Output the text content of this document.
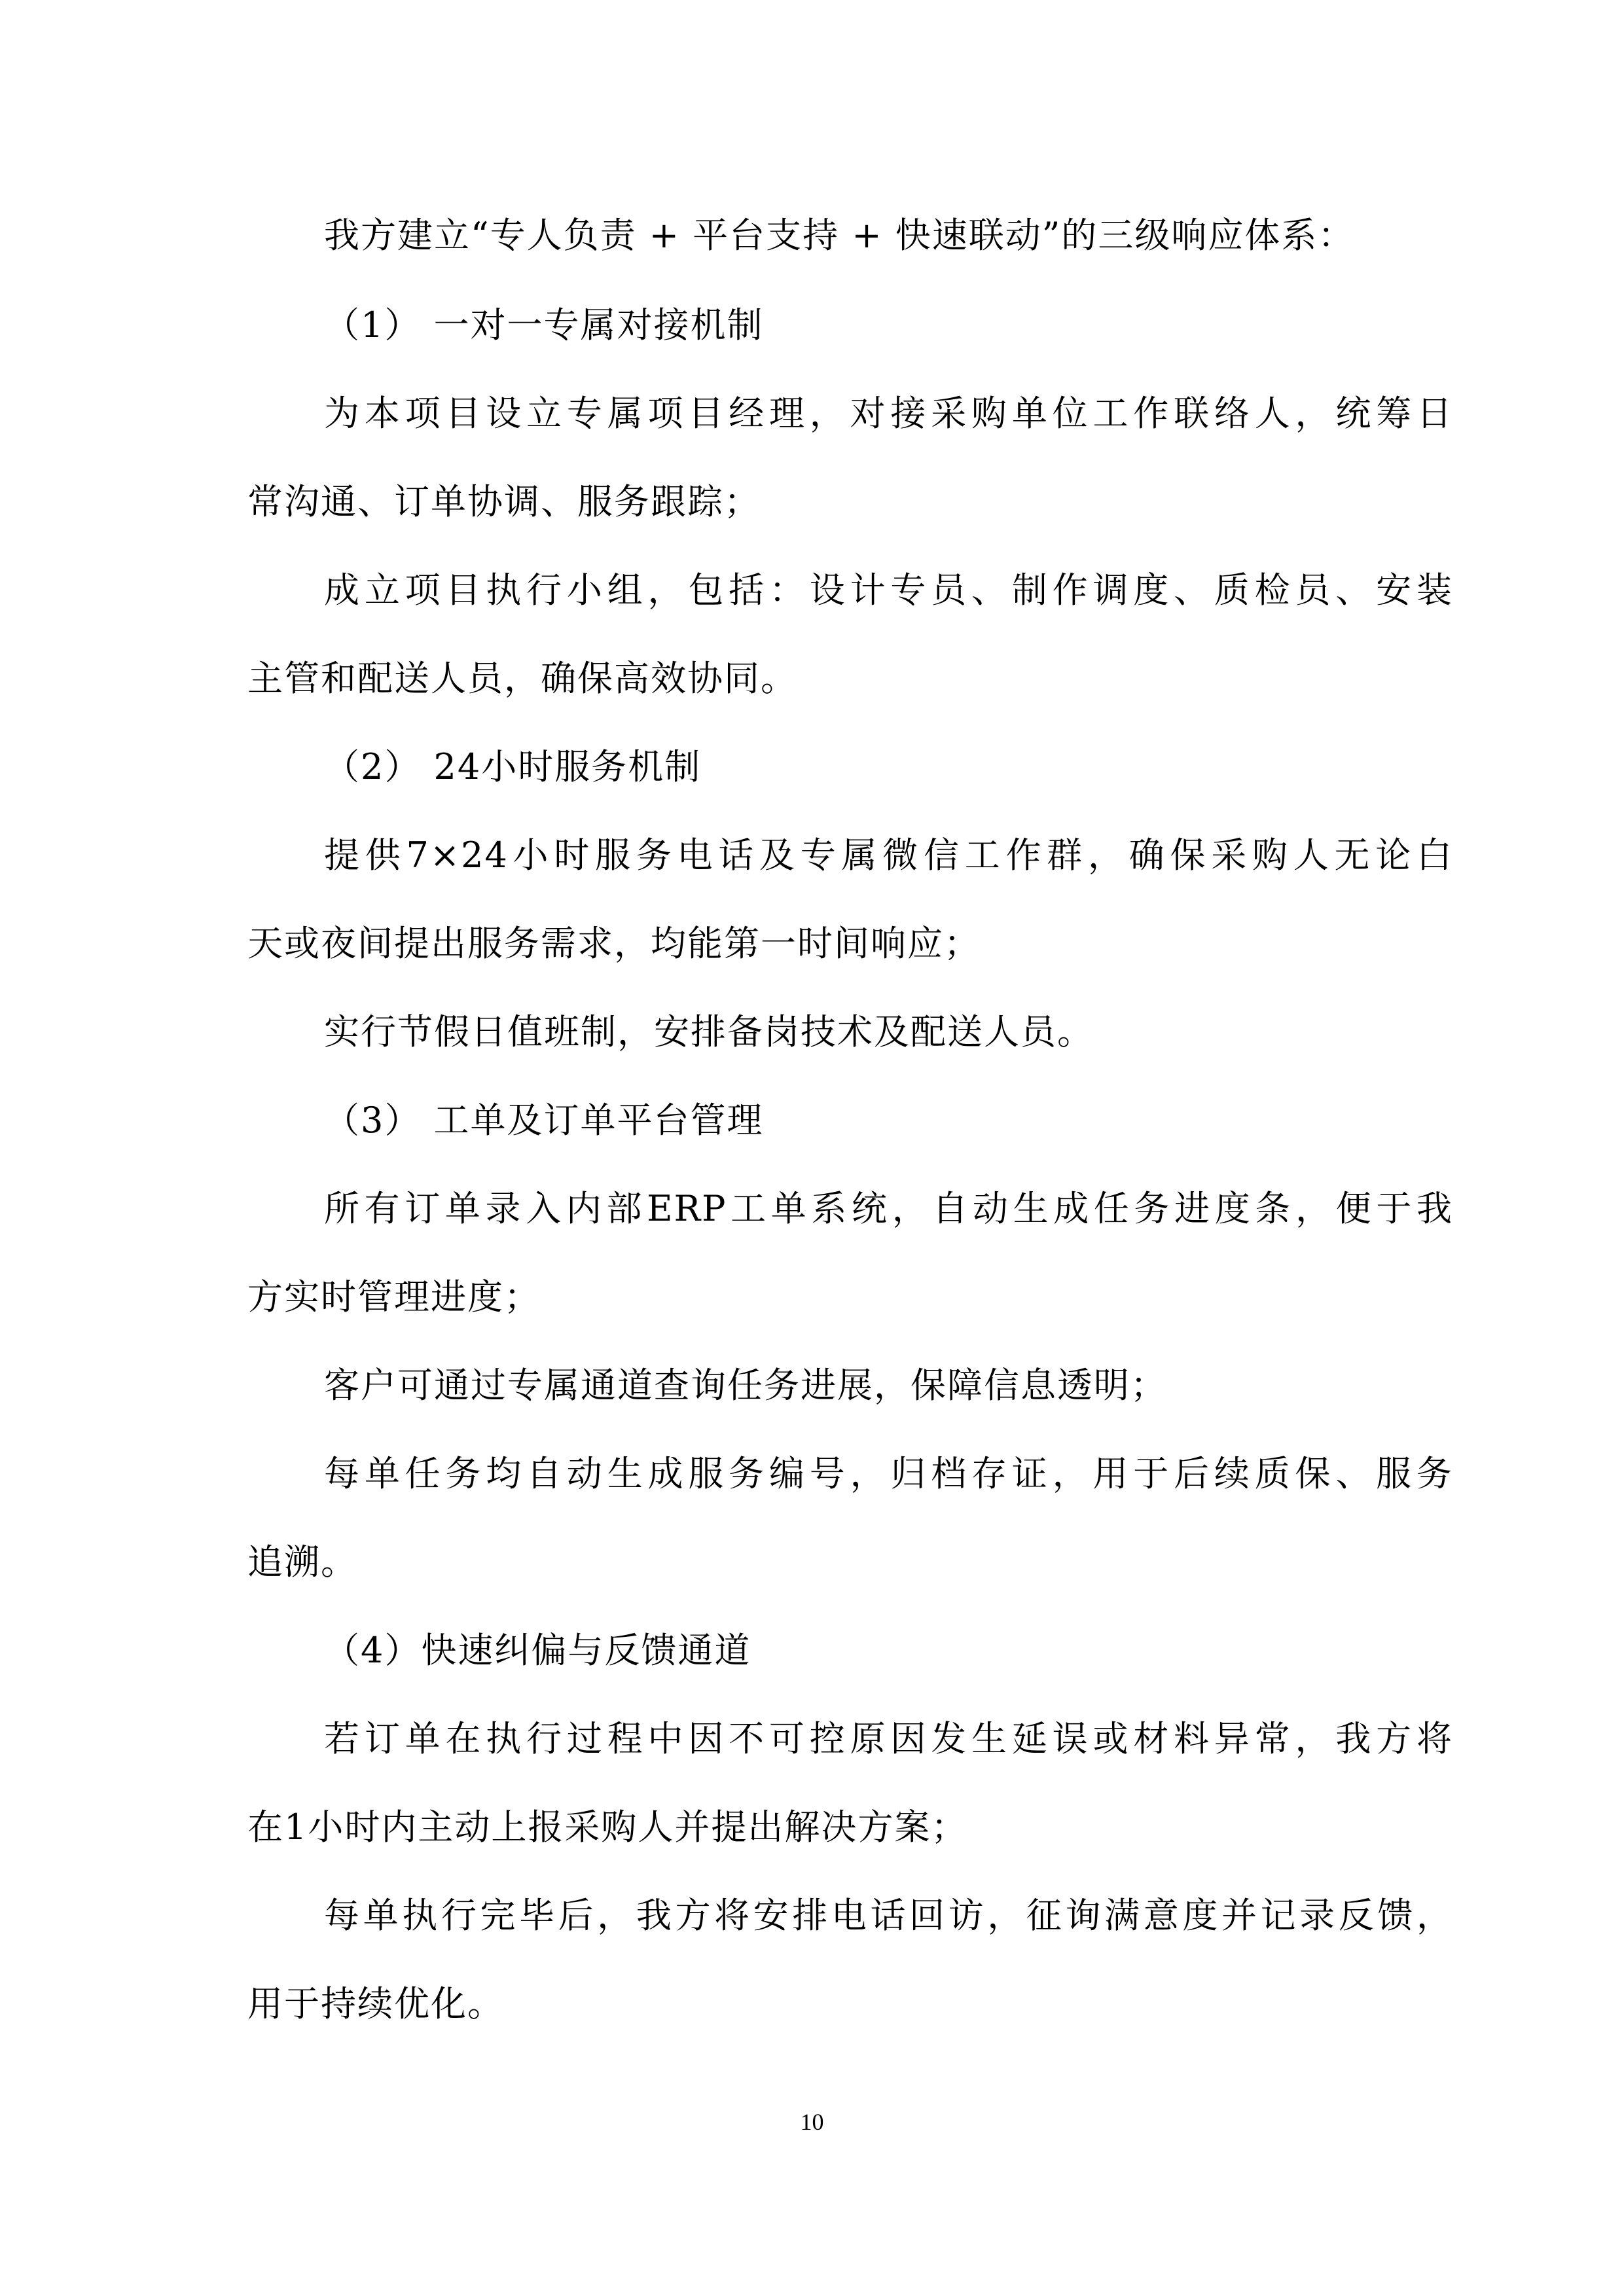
我方建立“专人负责 + 平台支持 + 快速联动”的三级响应体系：
（1） 一对一专属对接机制
为本项目设立专属项目经理，对接采购单位工作联络人，统筹日
常沟通、订单协调、服务跟踪；
成立项目执行小组，包括：设计专员、制作调度、质检员、安装
主管和配送人员，确保高效协同。
（2） 24小时服务机制
提供7×24小时服务电话及专属微信工作群，确保采购人无论白
天或夜间提出服务需求，均能第一时间响应；
实行节假日值班制，安排备岗技术及配送人员。
（3） 工单及订单平台管理
所有订单录入内部ERP工单系统，自动生成任务进度条，便于我
方实时管理进度；
客户可通过专属通道查询任务进展，保障信息透明；
每单任务均自动生成服务编号，归档存证，用于后续质保、服务
追溯。
（4）快速纠偏与反馈通道
若订单在执行过程中因不可控原因发生延误或材料异常，我方将
在1小时内主动上报采购人并提出解决方案；
每单执行完毕后，我方将安排电话回访，征询满意度并记录反馈，
用于持续优化。
10
